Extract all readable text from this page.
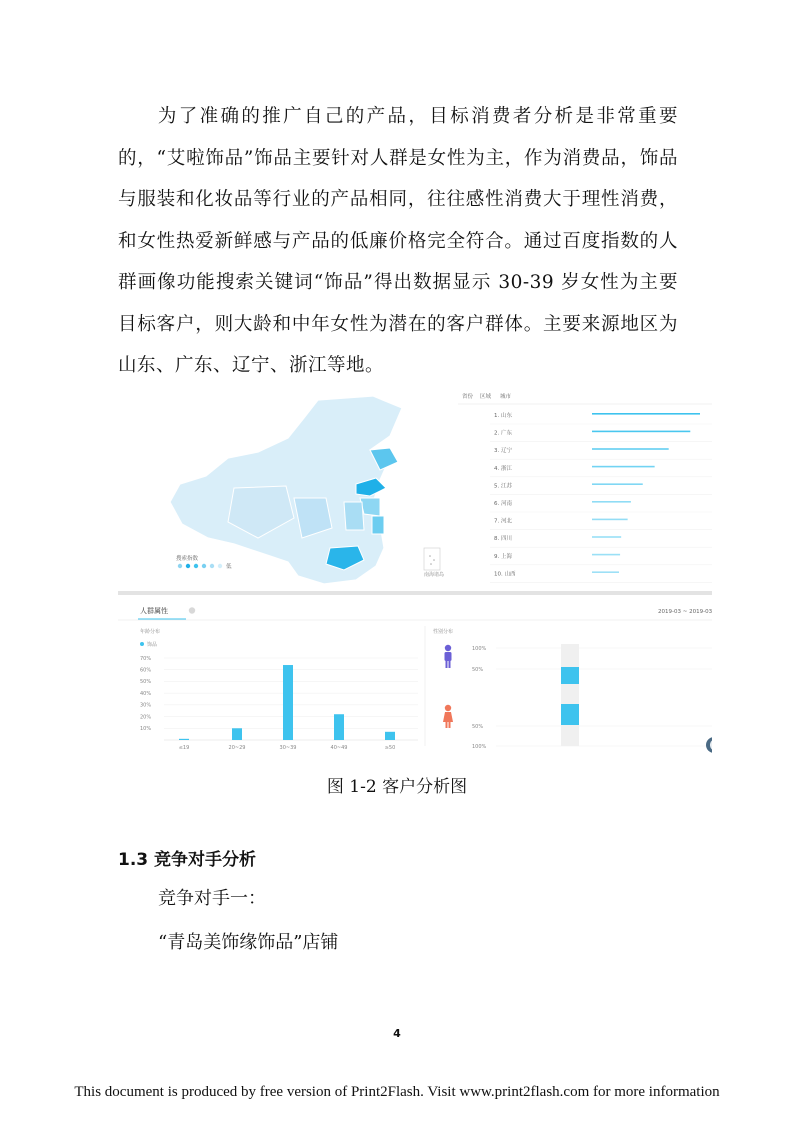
为了准确的推广自己的产品，目标消费者分析是非常重要的，“艾啦饰品”饰品主要针对人群是女性为主，作为消费品，饰品与服装和化妆品等行业的产品相同，往往感性消费大于理性消费，和女性热爱新鲜感与产品的低廉价格完全符合。通过百度指数的人群画像功能搜索关键词“饰品”得出数据显示 30-39 岁女性为主要目标客户，则大龄和中年女性为潜在的客户群体。主要来源地区为山东、广东、辽宁、浙江等地。

南海诸岛
搜索指数
低
省份 区域 城市
1. 山东
2. 广东
3. 辽宁
4. 浙江
5. 江苏
6. 河南
7. 河北
8. 四川
9. 上海
10. 山西
人群属性	2019-03 ~ 2019-03
年龄分布
饰品
10%
20%
30%
40%
50%
60%
70%
≤19	20~29	30~39	40~49	≥50
性别分布
100%
50%
50%
100%
图 1-2 客户分析图
1.3 竞争对手分析
竞争对手一：
“青岛美饰缘饰品”店铺
4
This document is produced by free version of Print2Flash. Visit www.print2flash.com for more information
